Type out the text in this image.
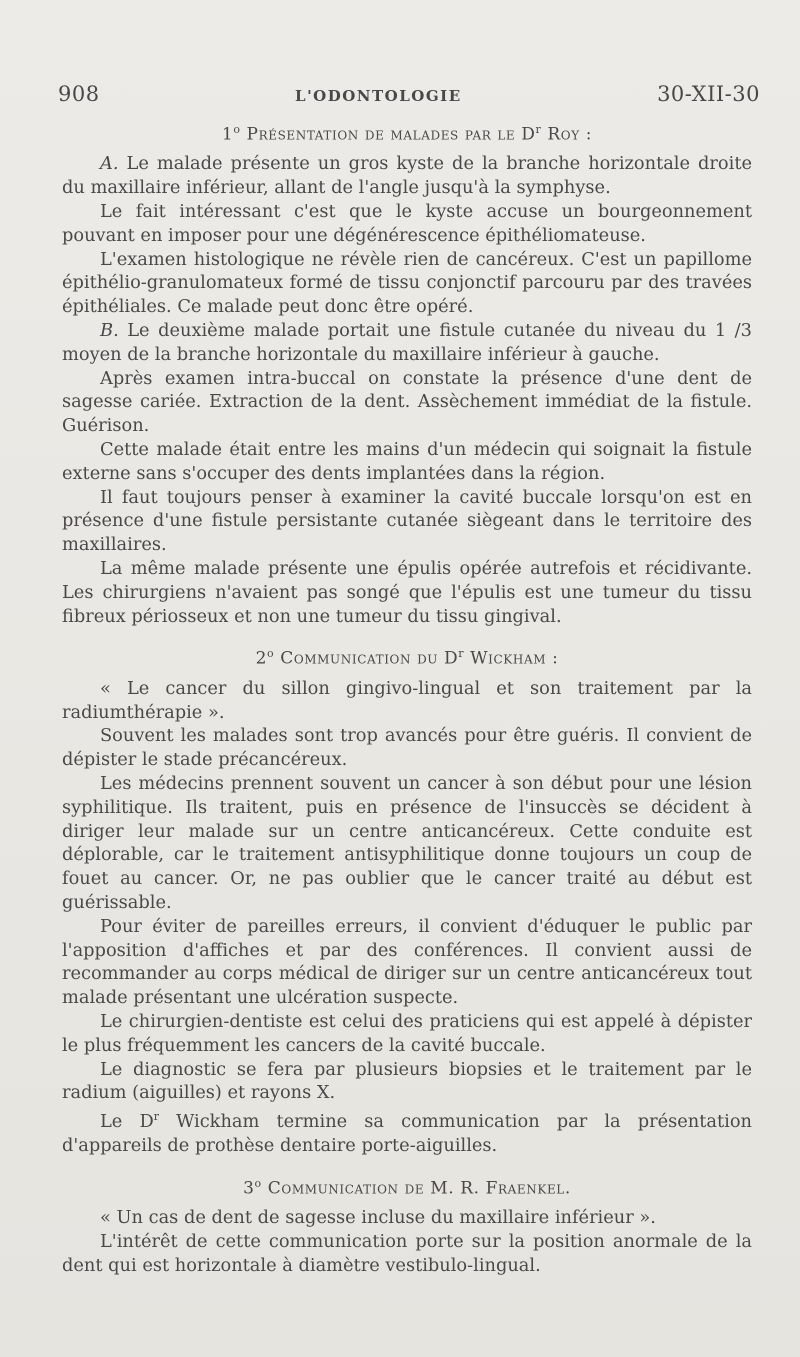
908	L'ODONTOLOGIE	30-XII-30
1$^o$ Présentation de malades par le $D^r$ Roy :

A. Le malade présente un gros kyste de la branche horizontale droite du maxillaire inférieur, allant de l'angle jusqu'à la symphyse.

Le fait intéressant c'est que le kyste accuse un bourgeonnement pouvant en imposer pour une dégénérescence épithéliomateuse.

L'examen histologique ne révèle rien de cancéreux. C'est un papillome épithélio-granulomateux formé de tissu conjonctif parcouru par des travées épithéliales. Ce malade peut donc être opéré.

B. Le deuxième malade portait une fistule cutanée du niveau du 1 /3 moyen de la branche horizontale du maxillaire inférieur à gauche.

Après examen intra-buccal on constate la présence d'une dent de sagesse cariée. Extraction de la dent. Assèchement immédiat de la fistule. Guérison.

Cette malade était entre les mains d'un médecin qui soignait la fistule externe sans s'occuper des dents implantées dans la région.

Il faut toujours penser à examiner la cavité buccale lorsqu'on est en présence d'une fistule persistante cutanée siègeant dans le territoire des maxillaires.

La même malade présente une épulis opérée autrefois et récidivante. Les chirurgiens n'avaient pas songé que l'épulis est une tumeur du tissu fibreux périosseux et non une tumeur du tissu gingival.

2$^o$ Communication du $D^r$ Wickham :

« Le cancer du sillon gingivo-lingual et son traitement par la radiumthérapie ».

Souvent les malades sont trop avancés pour être guéris. Il convient de dépister le stade précancéreux.

Les médecins prennent souvent un cancer à son début pour une lésion syphilitique. Ils traitent, puis en présence de l'insuccès se décident à diriger leur malade sur un centre anticancéreux. Cette conduite est déplorable, car le traitement antisyphilitique donne toujours un coup de fouet au cancer. Or, ne pas oublier que le cancer traité au début est guérissable.

Pour éviter de pareilles erreurs, il convient d'éduquer le public par l'apposition d'affiches et par des conférences. Il convient aussi de recommander au corps médical de diriger sur un centre anticancéreux tout malade présentant une ulcération suspecte.

Le chirurgien-dentiste est celui des praticiens qui est appelé à dépister le plus fréquemment les cancers de la cavité buccale.

Le diagnostic se fera par plusieurs biopsies et le traitement par le radium (aiguilles) et rayons X.

Le $D^r$ Wickham termine sa communication par la présentation d'appareils de prothèse dentaire porte-aiguilles.

3$^o$ Communication de M. R. Fraenkel.

« Un cas de dent de sagesse incluse du maxillaire inférieur ».

L'intérêt de cette communication porte sur la position anormale de la dent qui est horizontale à diamètre vestibulo-lingual.
